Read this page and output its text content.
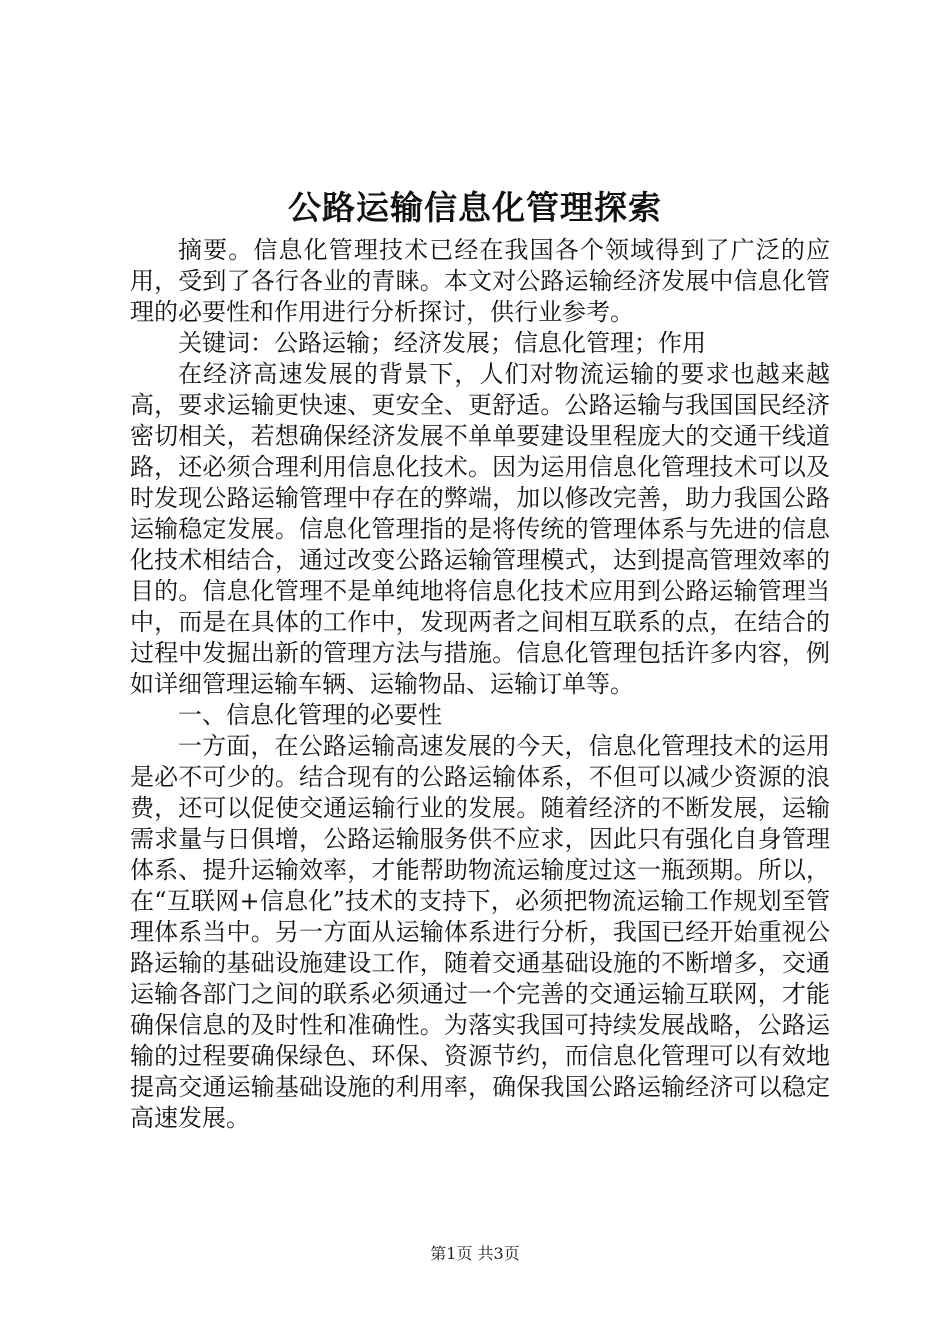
公路运输信息化管理探索

摘要。信息化管理技术已经在我国各个领域得到了广泛的应用，受到了各行各业的青睐。本文对公路运输经济发展中信息化管理的必要性和作用进行分析探讨，供行业参考。

关键词：公路运输；经济发展；信息化管理；作用

在经济高速发展的背景下，人们对物流运输的要求也越来越高，要求运输更快速、更安全、更舒适。公路运输与我国国民经济密切相关，若想确保经济发展不单单要建设里程庞大的交通干线道路，还必须合理利用信息化技术。因为运用信息化管理技术可以及时发现公路运输管理中存在的弊端，加以修改完善，助力我国公路运输稳定发展。信息化管理指的是将传统的管理体系与先进的信息化技术相结合，通过改变公路运输管理模式，达到提高管理效率的目的。信息化管理不是单纯地将信息化技术应用到公路运输管理当中，而是在具体的工作中，发现两者之间相互联系的点，在结合的过程中发掘出新的管理方法与措施。信息化管理包括许多内容，例如详细管理运输车辆、运输物品、运输订单等。

一、信息化管理的必要性

一方面，在公路运输高速发展的今天，信息化管理技术的运用是必不可少的。结合现有的公路运输体系，不但可以减少资源的浪费，还可以促使交通运输行业的发展。随着经济的不断发展，运输需求量与日俱增，公路运输服务供不应求，因此只有强化自身管理体系、提升运输效率，才能帮助物流运输度过这一瓶颈期。所以，在“互联网+信息化”技术的支持下，必须把物流运输工作规划至管理体系当中。另一方面从运输体系进行分析，我国已经开始重视公路运输的基础设施建设工作，随着交通基础设施的不断增多，交通运输各部门之间的联系必须通过一个完善的交通运输互联网，才能确保信息的及时性和准确性。为落实我国可持续发展战略，公路运输的过程要确保绿色、环保、资源节约，而信息化管理可以有效地提高交通运输基础设施的利用率，确保我国公路运输经济可以稳定高速发展。

第1页 共3页
